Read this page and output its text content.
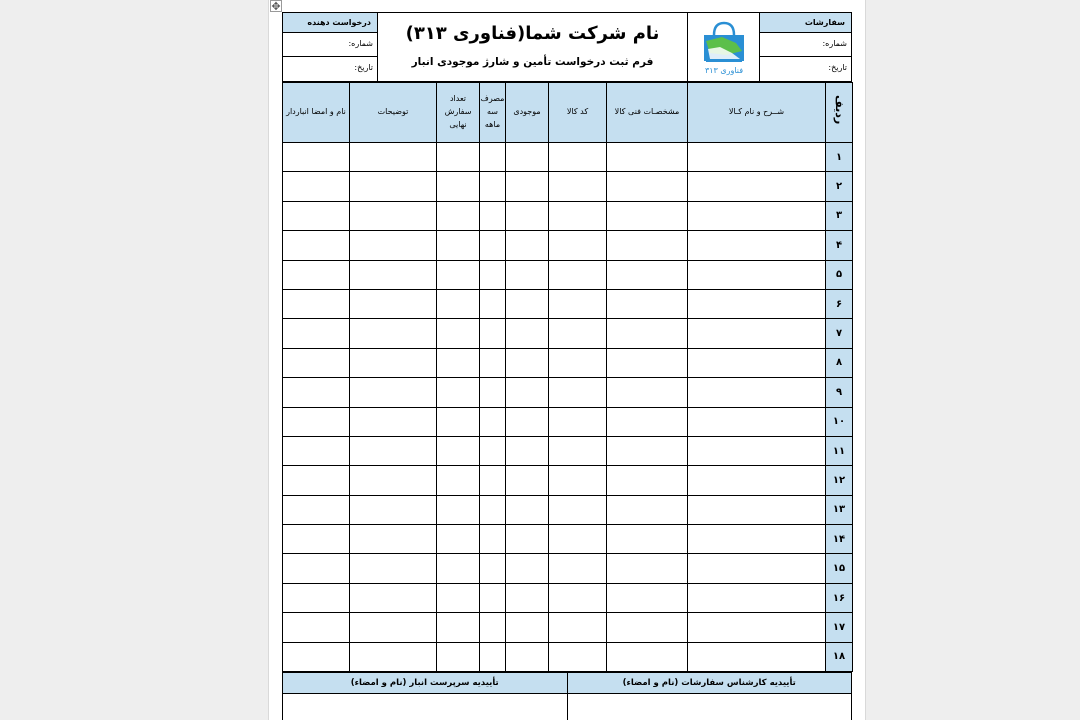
✥
درخواست دهنده
شماره:
تاریخ:
نام شرکت شما(فناوری ۳۱۳)
فرم ثبت درخواست تأمین و شارژ موجودی انبار
فناوری ۳۱۳
سفارشات
شماره:
تاریخ:
نام و امضا انباردار	توضیحات	تعداد سفارش نهایی	مصرف سه ماهه	موجودی	کد کالا	مشخصـات فنی کالا	شــرح و نام کـالا	ردیف
								۱
								۲
								۳
								۴
								۵
								۶
								۷
								۸
								۹
								۱۰
								۱۱
								۱۲
								۱۳
								۱۴
								۱۵
								۱۶
								۱۷
								۱۸
تأییدیه سرپرست انبار (نام و امضاء)	تأییدیه کارشناس سفارشات (نام و امضاء)
